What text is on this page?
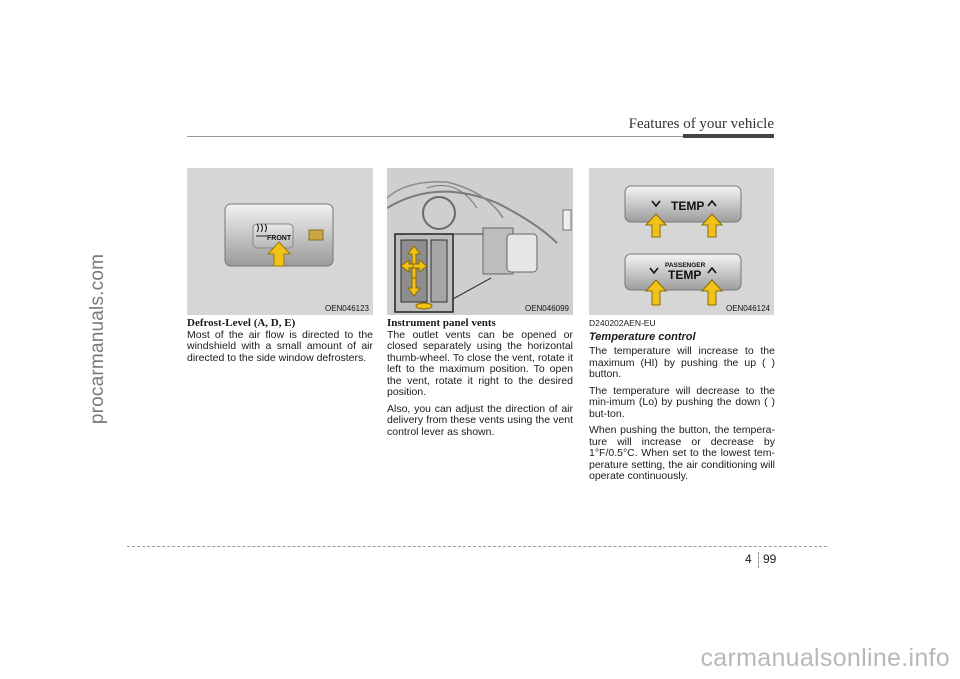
procarmanuals.com
Features of your vehicle
FRONT
OEN046123	OEN046099
TEMP
PASSENGER
TEMP
OEN046124
Defrost-Level (A, D, E)

Most of the air flow is directed to the windshield with a small amount of air directed to the side window defrosters.

Instrument panel vents

The outlet vents can be opened or closed separately using the horizontal thumb-wheel. To close the vent, rotate it left to the maximum position. To open the vent, rotate it right to the desired position.

Also, you can adjust the direction of air delivery from these vents using the vent control lever as shown.

D240202AEN-EU
Temperature control

The temperature will increase to the maximum (HI) by pushing the up ( ) button.

The temperature will decrease to the min-imum (Lo) by pushing the down ( ) but-ton.

When pushing the button, the tempera-ture will increase or decrease by 1°F/0.5°C. When set to the lowest tem-perature setting, the air conditioning will operate continuously.

4 99
carmanualsonline.info
